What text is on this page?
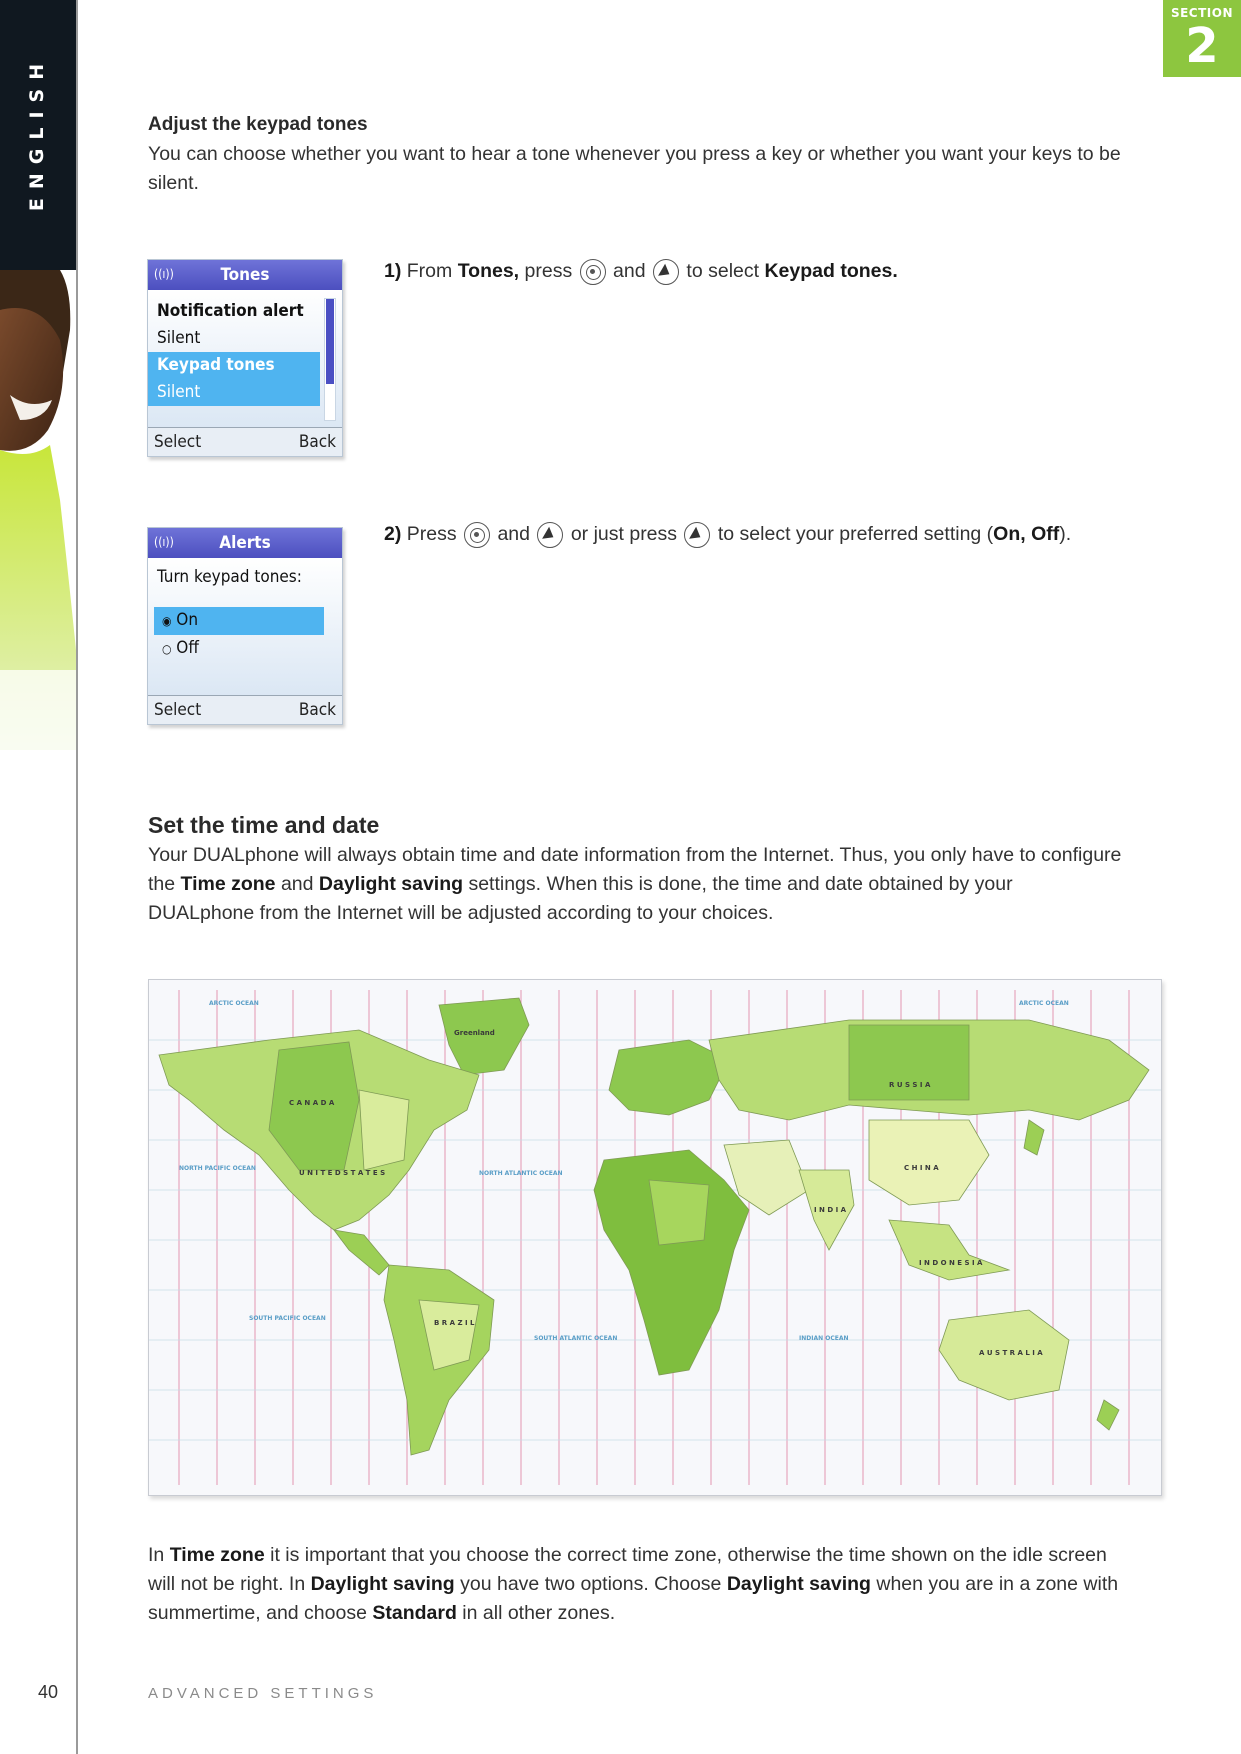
ENGLISH
SECTION
2
Adjust the keypad tones
You can choose whether you want to hear a tone whenever you press a key or whether you want your keys to be silent.
((ı))	Tones
Notification alert
Silent
Keypad tones
Silent
Select	Back
1) From Tones, press  and  to select Keypad tones.
((ı))	Alerts
Turn keypad tones:
◉ On
○ Off
Select	Back
2) Press  and  or just press  to select your preferred setting (On, Off).
Set the time and date
Your DUALphone will always obtain time and date information from the Internet. Thus, you only have to configure the Time zone and Daylight saving settings. When this is done, the time and date obtained by your DUALphone from the Internet will be adjusted according to your choices.
C A N A D A
U N I T E D S T A T E S
R U S S I A
C H I N A
I N D I A
B R A Z I L
I N D O N E S I A
A U S T R A L I A
Greenland
ARCTIC OCEAN	ARCTIC OCEAN
NORTH PACIFIC OCEAN
NORTH ATLANTIC OCEAN
SOUTH PACIFIC OCEAN
SOUTH ATLANTIC OCEAN	INDIAN OCEAN
In Time zone it is important that you choose the correct time zone, otherwise the time shown on the idle screen will not be right. In Daylight saving you have two options. Choose Daylight saving when you are in a zone with summertime, and choose Standard in all other zones.
40	ADVANCED SETTINGS
